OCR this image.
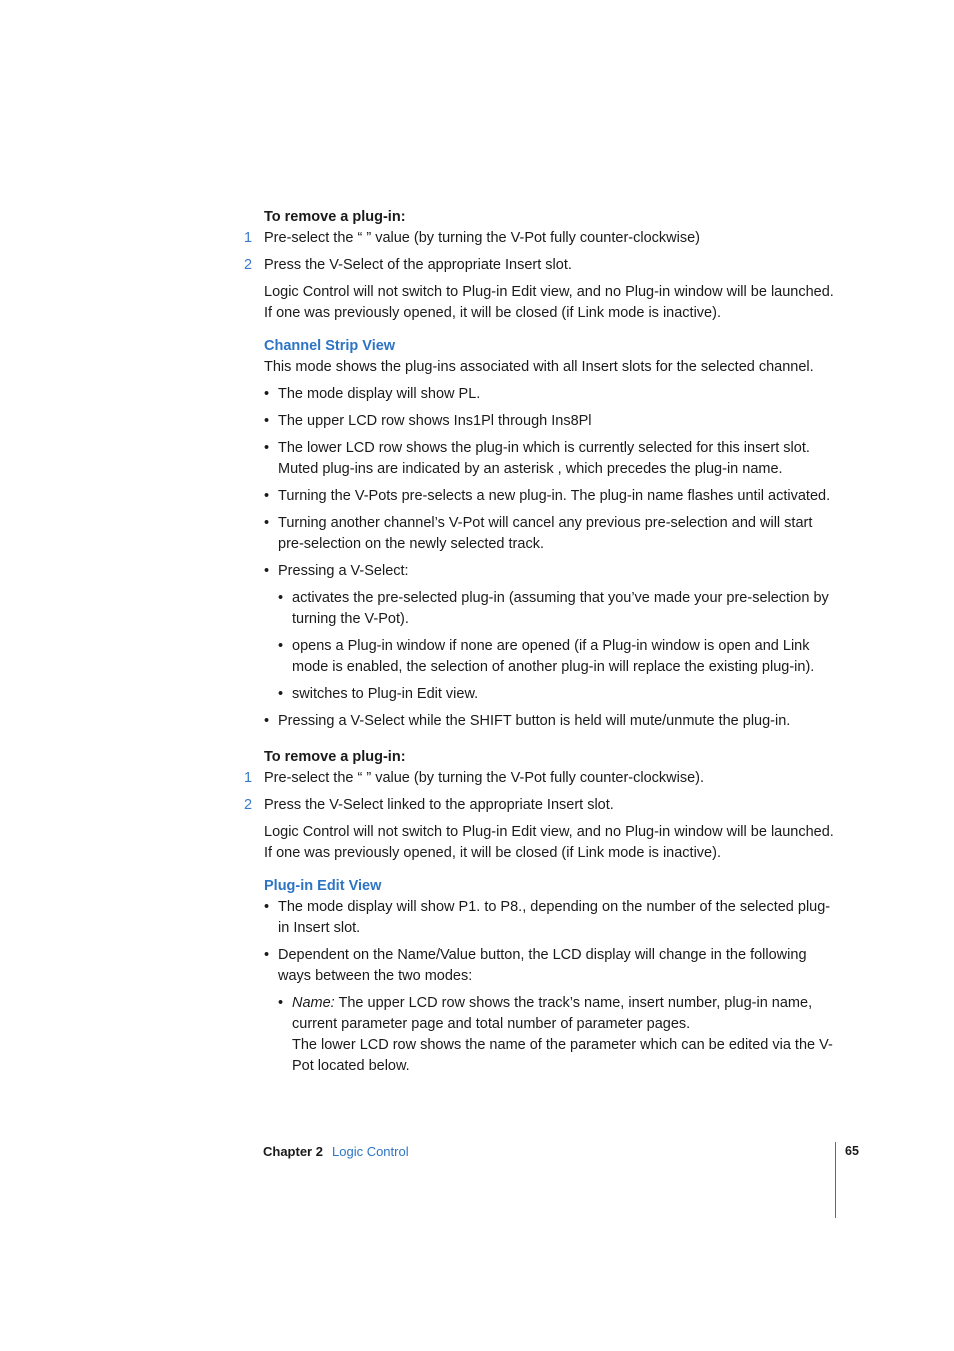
To remove a plug-in:

1 Pre-select the “ ” value (by turning the V-Pot fully counter-clockwise)
2 Press the V-Select of the appropriate Insert slot.

Logic Control will not switch to Plug-in Edit view, and no Plug-in window will be launched. If one was previously opened, it will be closed (if Link mode is inactive).

Channel Strip View

This mode shows the plug-ins associated with all Insert slots for the selected channel.

• The mode display will show PL.
• The upper LCD row shows Ins1Pl through Ins8Pl
• The lower LCD row shows the plug-in which is currently selected for this insert slot. Muted plug-ins are indicated by an asterisk , which precedes the plug-in name.
• Turning the V-Pots pre-selects a new plug-in. The plug-in name flashes until activated.
• Turning another channel’s V-Pot will cancel any previous pre-selection and will start pre-selection on the newly selected track.
• Pressing a V-Select:
• activates the pre-selected plug-in (assuming that you’ve made your pre-selection by turning the V-Pot).
• opens a Plug-in window if none are opened (if a Plug-in window is open and Link mode is enabled, the selection of another plug-in will replace the existing plug-in).
• switches to Plug-in Edit view.
• Pressing a V-Select while the SHIFT button is held will mute/unmute the plug-in.

To remove a plug-in:

1 Pre-select the “ ” value (by turning the V-Pot fully counter-clockwise).
2 Press the V-Select linked to the appropriate Insert slot.

Logic Control will not switch to Plug-in Edit view, and no Plug-in window will be launched. If one was previously opened, it will be closed (if Link mode is inactive).

Plug-in Edit View

• The mode display will show P1. to P8., depending on the number of the selected plug-in Insert slot.
• Dependent on the Name/Value button, the LCD display will change in the following ways between the two modes:
• Name: The upper LCD row shows the track’s name, insert number, plug-in name, current parameter page and total number of parameter pages.
The lower LCD row shows the name of the parameter which can be edited via the V-Pot located below.
Chapter 2 Logic Control	65
